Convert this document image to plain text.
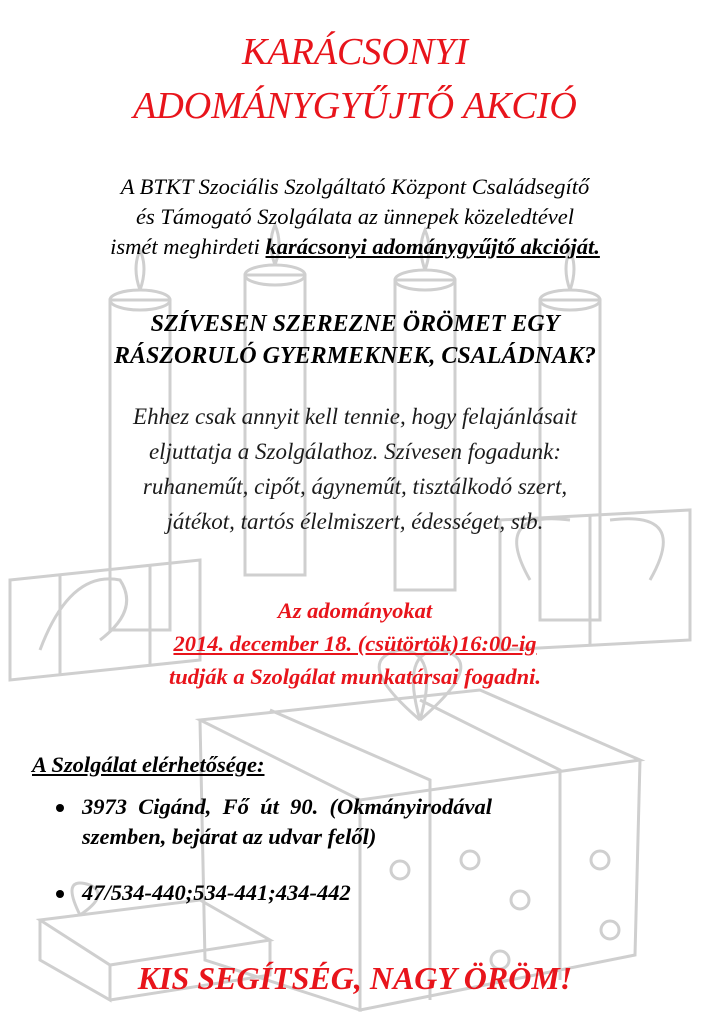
KARÁCSONYI
ADOMÁNYGYŰJTŐ AKCIÓ
A BTKT Szociális Szolgáltató Központ Családsegítő
és Támogató Szolgálata az ünnepek közeledtével
ismét meghirdeti karácsonyi adománygyűjtő akcióját.
SZÍVESEN SZEREZNE ÖRÖMET EGY
RÁSZORULÓ GYERMEKNEK, CSALÁDNAK?
Ehhez csak annyit kell tennie, hogy felajánlásait
eljuttatja a Szolgálathoz. Szívesen fogadunk:
ruhaneműt, cipőt, ágyneműt, tisztálkodó szert,
játékot, tartós élelmiszert, édességet, stb.
Az adományokat
2014. december 18. (csütörtök)16:00-ig
tudják a Szolgálat munkatársai fogadni.
A Szolgálat elérhetősége:
3973  Cigánd,  Fő  út  90.  (Okmányirodával
szemben, bejárat az udvar felől)
47/534-440;534-441;434-442
KIS SEGÍTSÉG, NAGY ÖRÖM!
